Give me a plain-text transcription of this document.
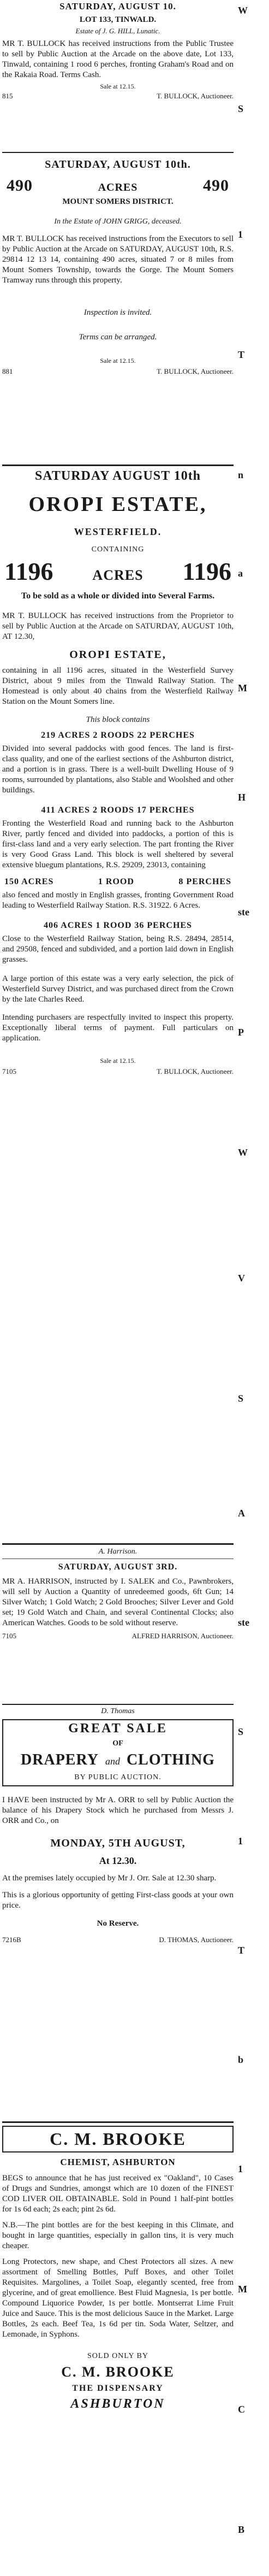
SATURDAY, AUGUST 10.

LOT 133, TINWALD.

Estate of J. G. HILL, Lunatic.

MR T. BULLOCK has received instructions from the Public Trustee to sell by Public Auction at the Arcade on the above date, Lot 133, Tinwald, containing 1 rood 6 perches, fronting Graham's Road and on the Rakaia Road. Terms Cash.

Sale at 12.15.

815	T. BULLOCK, Auctioneer.

SATURDAY, AUGUST 10th.

490	ACRES	490

MOUNT SOMERS DISTRICT.

In the Estate of JOHN GRIGG, deceased.

MR T. BULLOCK has received instructions from the Executors to sell by Public Auction at the Arcade on SATURDAY, AUGUST 10th, R.S. 29814 12 13 14, containing 490 acres, situated 7 or 8 miles from Mount Somers Township, towards the Gorge. The Mount Somers Tramway runs through this property.

Inspection is invited.

Terms can be arranged.

Sale at 12.15.

881	T. BULLOCK, Auctioneer.

SATURDAY AUGUST 10th

OROPI ESTATE,

WESTERFIELD.

CONTAINING

1196	ACRES 1196

To be sold as a whole or divided into Several Farms.

MR T. BULLOCK has received instructions from the Proprietor to sell by Public Auction at the Arcade on SATURDAY, AUGUST 10th, AT 12.30,

OROPI ESTATE,

containing in all 1196 acres, situated in the Westerfield Survey District, about 9 miles from the Tinwald Railway Station. The Homestead is only about 40 chains from the Westerfield Railway Station on the Mount Somers line.

This block contains

219 ACRES 2 ROODS 22 PERCHES

Divided into several paddocks with good fences. The land is first-class quality, and one of the earliest sections of the Ashburton district, and a portion is in grass. There is a well-built Dwelling House of 9 rooms, surrounded by plantations, also Stable and Woolshed and other buildings.

411 ACRES 2 ROODS 17 PERCHES

Fronting the Westerfield Road and running back to the Ashburton River, partly fenced and divided into paddocks, a portion of this is first-class land and a very early selection. The part fronting the River is very Good Grass Land. This block is well sheltered by several extensive bluegum plantations, R.S. 29209, 23013, containing

150 ACRES	1 ROOD	8 PERCHES

also fenced and mostly in English grasses, fronting Government Road leading to Westerfield Railway Station. R.S. 31922. 6 Acres.

406 ACRES 1 ROOD 36 PERCHES

Close to the Westerfield Railway Station, being R.S. 28494, 28514, and 29508, fenced and subdivided, and a portion laid down in English grasses.

A large portion of this estate was a very early selection, the pick of Westerfield Survey District, and was purchased direct from the Crown by the late Charles Reed.

Intending purchasers are respectfully invited to inspect this property. Exceptionally liberal terms of payment. Full particulars on application.

Sale at 12.15.

7105	T. BULLOCK, Auctioneer.

A. Harrison.

SATURDAY, AUGUST 3RD.

MR A. HARRISON, instructed by I. SALEK and Co., Pawnbrokers, will sell by Auction a Quantity of unredeemed goods, 6ft Gun; 14 Silver Watch; 1 Gold Watch; 2 Gold Brooches; Silver Lever and Gold set; 19 Gold Watch and Chain, and several Continental Clocks; also American Watches. Goods to be sold without reserve.

7105	ALFRED HARRISON, Auctioneer.

D. Thomas

GREAT SALE

OF

DRAPERY and CLOTHING

BY PUBLIC AUCTION.

I HAVE been instructed by Mr A. ORR to sell by Public Auction the balance of his Drapery Stock which he purchased from Messrs J. ORR and Co., on

MONDAY, 5TH AUGUST,

At 12.30.

At the premises lately occupied by Mr J. Orr. Sale at 12.30 sharp.

This is a glorious opportunity of getting First-class goods at your own price.

No Reserve.

7216B	D. THOMAS, Auctioneer.

C. M. BROOKE

CHEMIST, ASHBURTON

BEGS to announce that he has just received ex "Oakland", 10 Cases of Drugs and Sundries, amongst which are 10 dozen of the FINEST COD LIVER OIL OBTAINABLE. Sold in Pound 1 half-pint bottles for 1s 6d each; 2s each; pint 2s 6d.

N.B.—The pint bottles are for the best keeping in this Climate, and bought in large quantities, especially in gallon tins, it is very much cheaper.

Long Protectors, new shape, and Chest Protectors all sizes. A new assortment of Smelling Bottles, Puff Boxes, and other Toilet Requisites. Margolines, a Toilet Soap, elegantly scented, free from glycerine, and of great emollience. Best Fluid Magnesia, 1s per bottle. Compound Liquorice Powder, 1s per bottle. Montserrat Lime Fruit Juice and Sauce. This is the most delicious Sauce in the Market. Large Bottles, 2s each. Beef Tea, 1s 6d per tin. Soda Water, Seltzer, and Lemonade, in Syphons.

SOLD ONLY BY

C. M. BROOKE

THE DISPENSARY

ASHBURTON

W
S
1
T
n
a
M
H
ste
P
W
V
S
A
ste
S
1
T
b
1
M
C
B
